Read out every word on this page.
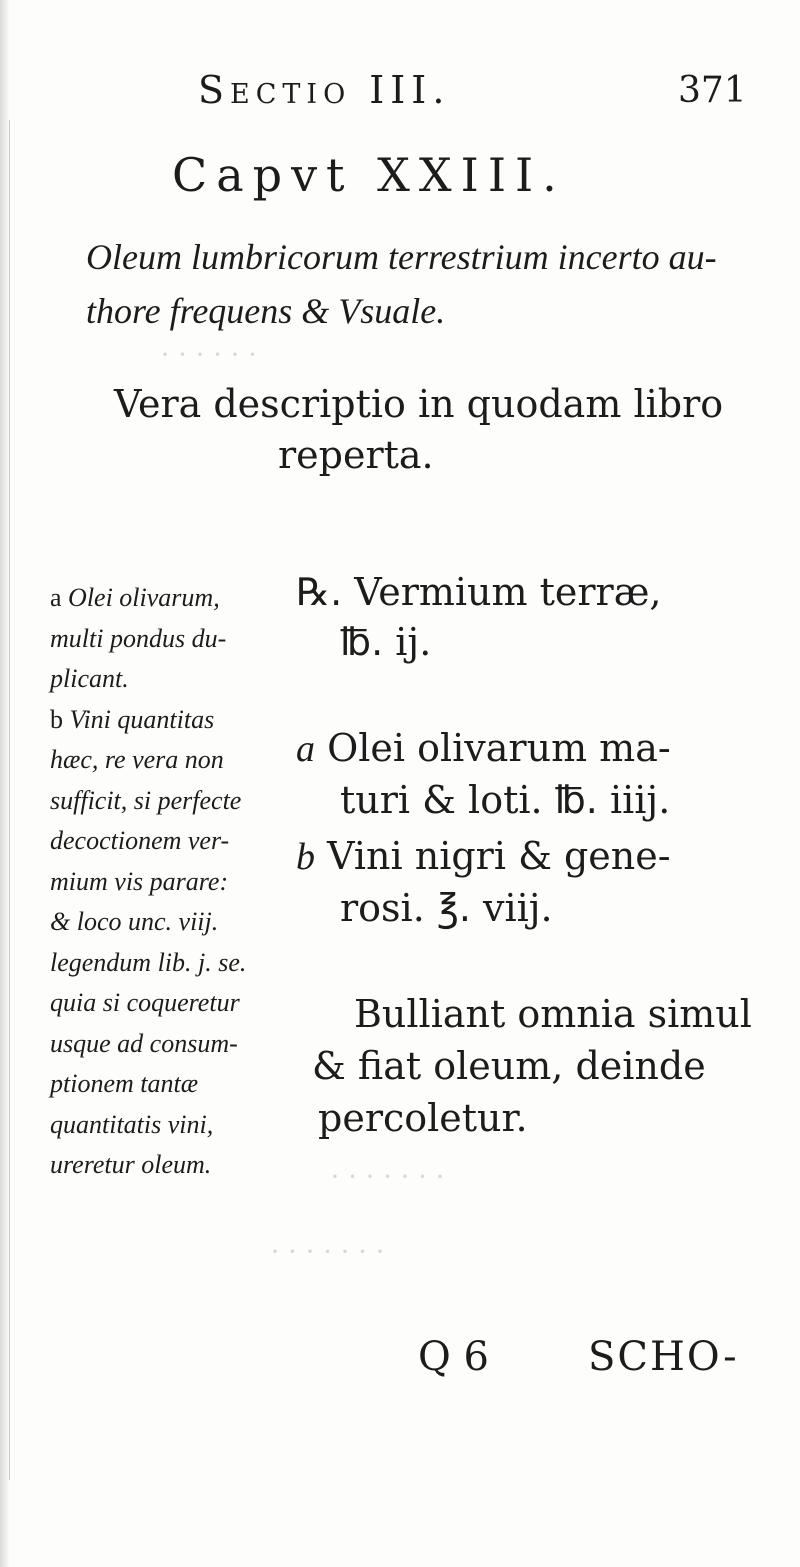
· · · · · ·
· · · · · · ·
· · · · · · ·
Sectio III.	371
Capvt XXIII.
Oleum lumbricorum terrestrium incerto au-
thore frequens & Vsuale.
Vera descriptio in quodam libro
reperta.
a Olei olivarum,
multi pondus du-
plicant.
b Vini quantitas
hæc, re vera non
sufficit, si perfecte
decoctionem ver-
mium vis parare:
& loco unc. viij.
legendum lib. j. se.
quia si coqueretur
usque ad consum-
ptionem tantæ
quantitatis vini,
ureretur oleum.
℞. Vermium terræ,
℔. ij.
a Olei olivarum ma-
turi & loti. ℔. iiij.
b Vini nigri & gene-
rosi. ℥. viij.
Bulliant omnia simul
& fiat oleum, deinde
percoletur.
Q 6 SCHO-
